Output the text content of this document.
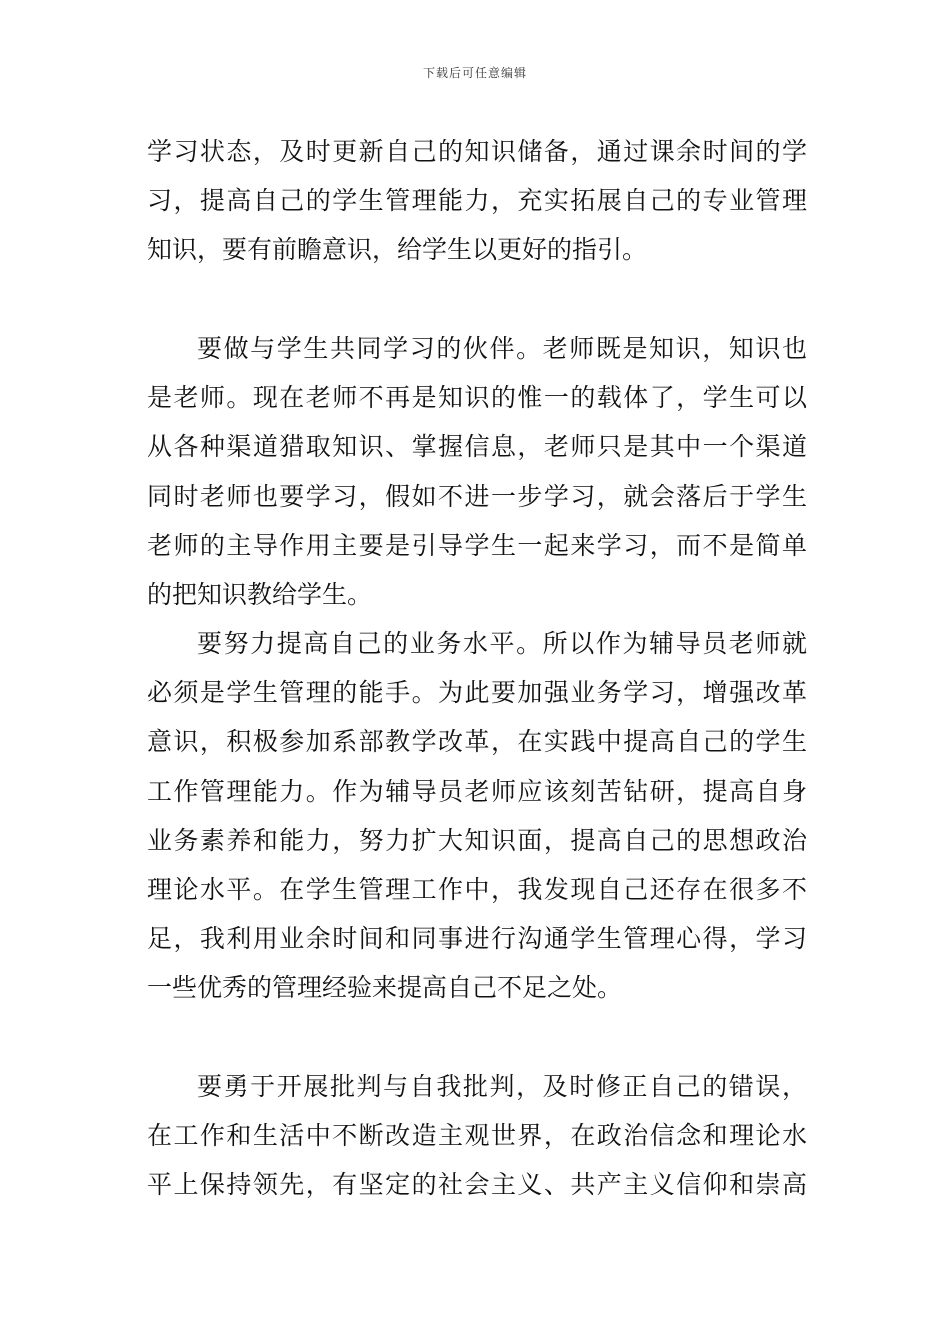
下载后可任意编辑
学习状态，及时更新自己的知识储备，通过课余时间的学
习，提高自己的学生管理能力，充实拓展自己的专业管理
知识，要有前瞻意识，给学生以更好的指引。
要做与学生共同学习的伙伴。老师既是知识，知识也
是老师。现在老师不再是知识的惟一的载体了，学生可以
从各种渠道猎取知识、掌握信息，老师只是其中一个渠道
同时老师也要学习，假如不进一步学习，就会落后于学生
老师的主导作用主要是引导学生一起来学习，而不是简单
的把知识教给学生。
要努力提高自己的业务水平。所以作为辅导员老师就
必须是学生管理的能手。为此要加强业务学习，增强改革
意识，积极参加系部教学改革，在实践中提高自己的学生
工作管理能力。作为辅导员老师应该刻苦钻研，提高自身
业务素养和能力，努力扩大知识面，提高自己的思想政治
理论水平。在学生管理工作中，我发现自己还存在很多不
足，我利用业余时间和同事进行沟通学生管理心得，学习
一些优秀的管理经验来提高自己不足之处。
要勇于开展批判与自我批判，及时修正自己的错误，
在工作和生活中不断改造主观世界，在政治信念和理论水
平上保持领先，有坚定的社会主义、共产主义信仰和崇高
